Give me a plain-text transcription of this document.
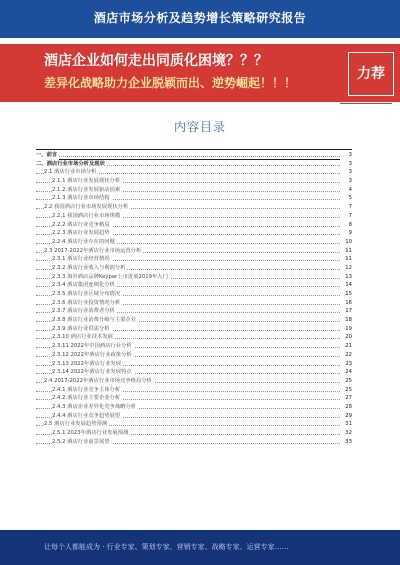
酒店市场分析及趋势增长策略研究报告
酒店企业如何走出同质化困境？？？
差异化战略助力企业脱颖而出、逆势崛起！！！
力荐
内容目录
一、前言	3
二、酒店行业市场分析及现状	3
2.1 酒店行业市场分析	3
2.1.1 酒店行业发展现状分析	3
2.1.2 酒店行业发展驱动因素	4
2.1.3 酒店行业市场结构	5
2.2 我国酒店行业市场发展现状分析	7
2.2.1 我国酒店行业市场规模	7
2.2.2 酒店行业竞争格局	8
2.2.3 酒店行业发展趋势	9
2.2.4 酒店行业存在的问题	10
2.3 2017-2022年酒店行业市场运营分析	11
2.3.1 酒店行业经营情况	11
2.3.2 酒店行业收入与利润分析	12
2.3.3 海外酒店品牌Keypar上市进展2019年入门	13
2.3.4 酒店集团连锁化分析	14
2.3.5 酒店行业区域分布情况	15
2.3.6 酒店行业投资情况分析	16
2.3.7 酒店行业消费者分析	17
2.3.8 酒店行业消费升级与主要企业	18
2.3.9 酒店行业供需分析	19
2.3.10 酒店行业技术发展	20
2.3.11 2022年中国酒店行业分析	21
2.3.12 2022年酒店行业政策分析	22
2.3.13 2022年酒店行业发展	23
2.3.14 2022年酒店行业发展特点	24
2.4 2017-2022年酒店行业市场竞争格局分析	25
2.4.1 酒店行业竞争主体分析	25
2.4.2 酒店行业主要企业分析	27
2.4.3 酒店企业差异化竞争战略分析	28
2.4.4 酒店行业竞争趋势展望	29
2.5 酒店行业发展趋势预测	31
2.5.1 2023年酒店行业发展预测	32
2.5.2 酒店行业前景展望	33
让每个人都能成为 · 行业专家、策划专家、营销专家、战略专家、运营专家……
